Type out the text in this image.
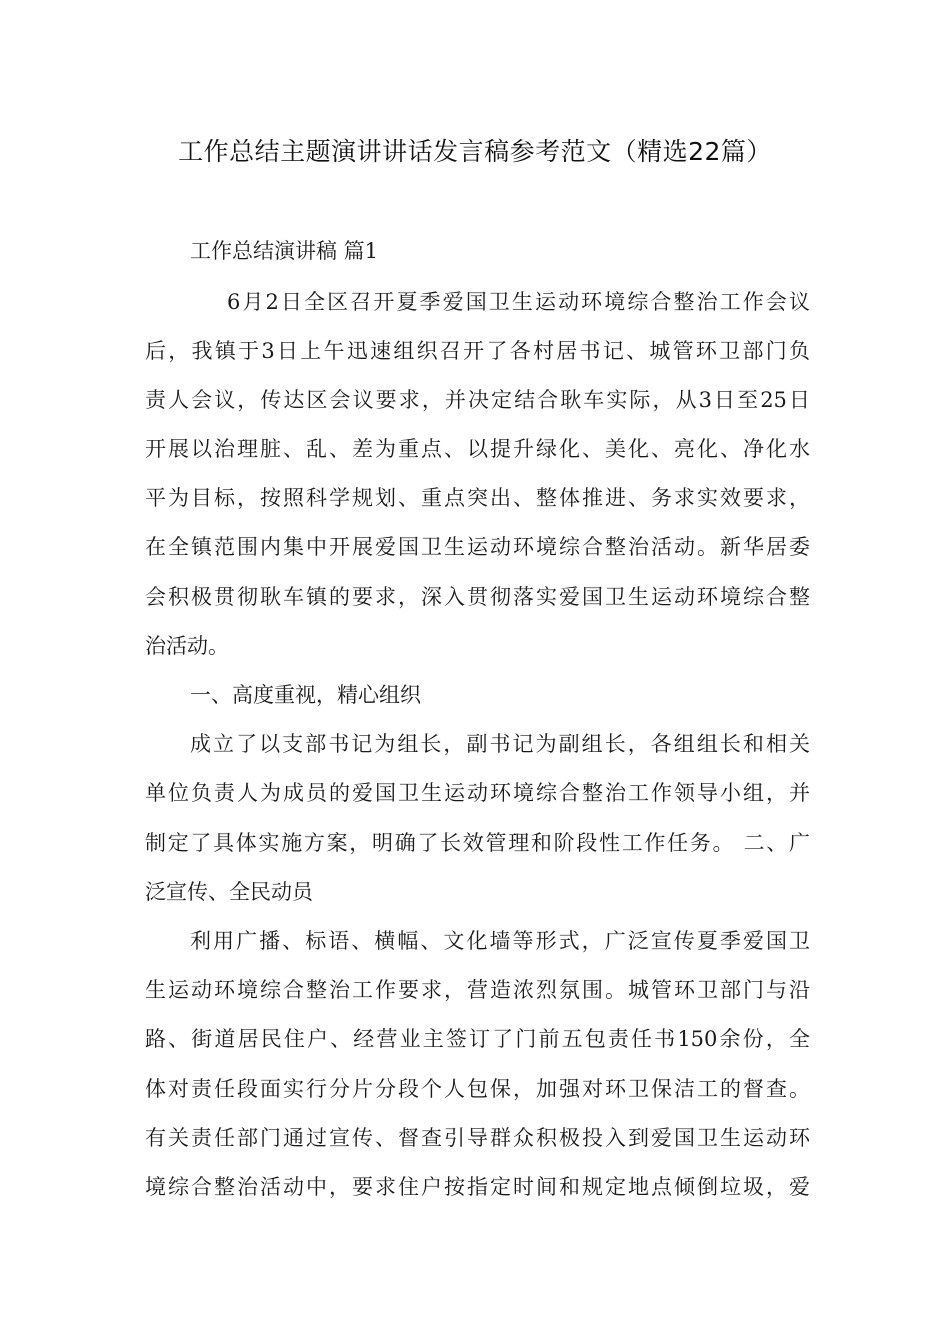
工作总结主题演讲讲话发言稿参考范文（精选22篇）
工作总结演讲稿 篇1
6月2日全区召开夏季爱国卫生运动环境综合整治工作会议
后，我镇于3日上午迅速组织召开了各村居书记、城管环卫部门负
责人会议，传达区会议要求，并决定结合耿车实际，从3日至25日
开展以治理脏、乱、差为重点、以提升绿化、美化、亮化、净化水
平为目标，按照科学规划、重点突出、整体推进、务求实效要求，
在全镇范围内集中开展爱国卫生运动环境综合整治活动。新华居委
会积极贯彻耿车镇的要求，深入贯彻落实爱国卫生运动环境综合整
治活动。
一、高度重视，精心组织
成立了以支部书记为组长，副书记为副组长，各组组长和相关
单位负责人为成员的爱国卫生运动环境综合整治工作领导小组，并
制定了具体实施方案，明确了长效管理和阶段性工作任务。 二、广
泛宣传、全民动员
利用广播、标语、横幅、文化墙等形式，广泛宣传夏季爱国卫
生运动环境综合整治工作要求，营造浓烈氛围。城管环卫部门与沿
路、街道居民住户、经营业主签订了门前五包责任书150余份，全
体对责任段面实行分片分段个人包保，加强对环卫保洁工的督查。
有关责任部门通过宣传、督查引导群众积极投入到爱国卫生运动环
境综合整治活动中，要求住户按指定时间和规定地点倾倒垃圾，爱
